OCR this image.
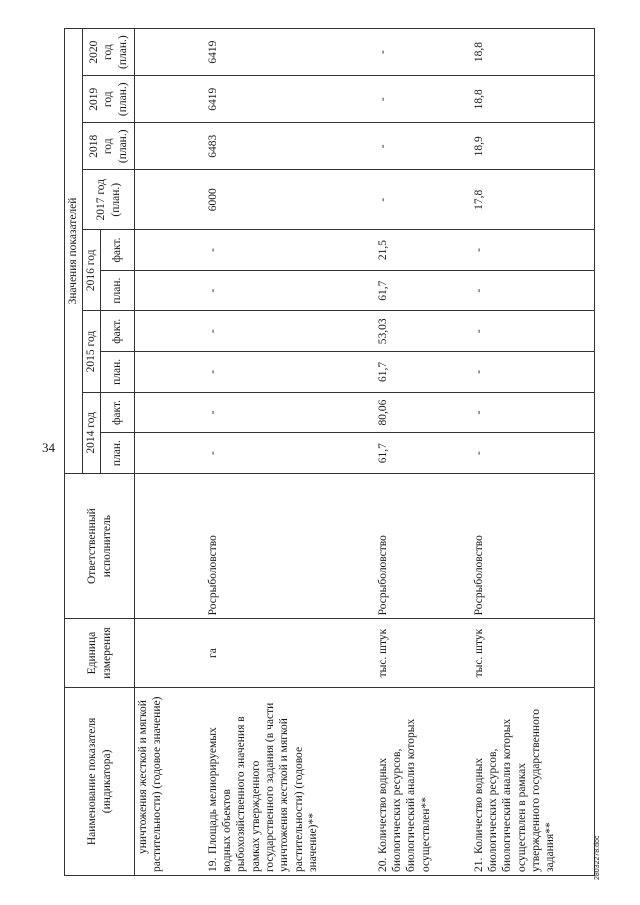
34
Наименование показателя (индикатора)	Единица измерения	Ответственный исполнитель	Значения показателей									
			2014 год		2015 год		2016 год		2017 год (план.)	2018 год (план.)	2019 год (план.)	2020 год (план.)
			план.	факт.	план.	факт.	план.	факт.				
уничтожения жесткой и мягкой растительности) (годовое значение)												
19.Площадь мелиорируемых водных объектов рыбохозяйственного значения в рамках утвержденного государственного задания (в части уничтожения жесткой и мягкой растительности) (годовое значение)**	га	Росрыболовство	-	-	-	-	-	-	6000	6483	6419	6419
20.Количество водных биологических ресурсов, биологический анализ которых осуществлен**	тыс. штук	Росрыболовство	61,7	80,06	61,7	53,03	61,7	21,5	-	-	-	-
21.Количество водных биологических ресурсов, биологический анализ которых осуществлен в рамках утвержденного государственного задания**	тыс. штук	Росрыболовство	-	-	-	-	-	-	17,8	18,9	18,8	18,8
28032278.doc
